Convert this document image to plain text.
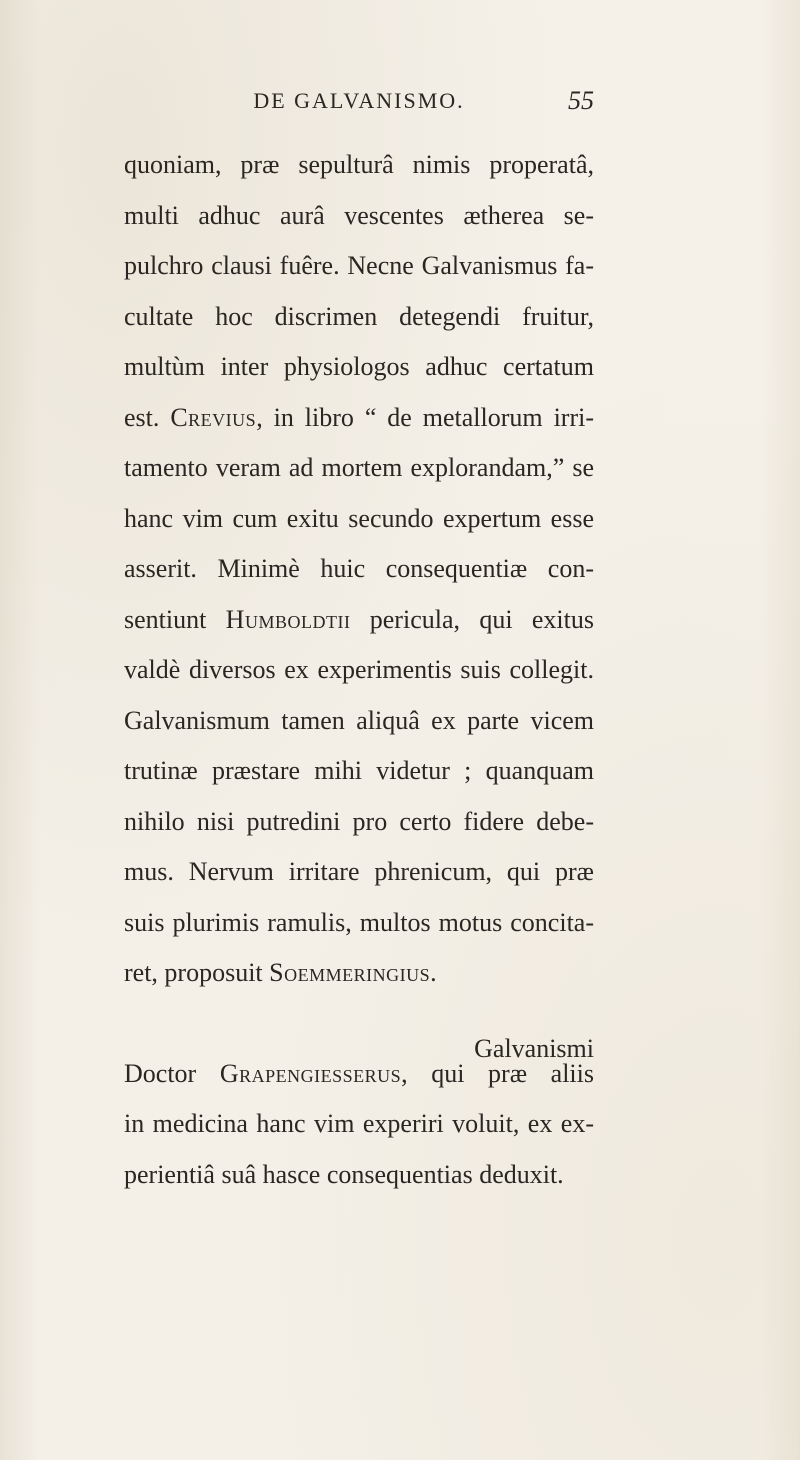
DE GALVANISMO.	55
quoniam, præ sepulturâ nimis properatâ,
multi adhuc aurâ vescentes ætherea se-
pulchro clausi fuêre. Necne Galvanismus fa-
cultate hoc discrimen detegendi fruitur,
multùm inter physiologos adhuc certatum
est. Crevius, in libro “ de metallorum irri-
tamento veram ad mortem explorandam,” se
hanc vim cum exitu secundo expertum esse
asserit. Minimè huic consequentiæ con-
sentiunt Humboldtii pericula, qui exitus
valdè diversos ex experimentis suis collegit.
Galvanismum tamen aliquâ ex parte vicem
trutinæ præstare mihi videtur ; quanquam
nihilo nisi putredini pro certo fidere debe-
mus. Nervum irritare phrenicum, qui præ
suis plurimis ramulis, multos motus concita-
ret, proposuit Soemmeringius.
Doctor Grapengiesserus, qui præ aliis
in medicina hanc vim experiri voluit, ex ex-
perientiâ suâ hasce consequentias deduxit.
Galvanismi
